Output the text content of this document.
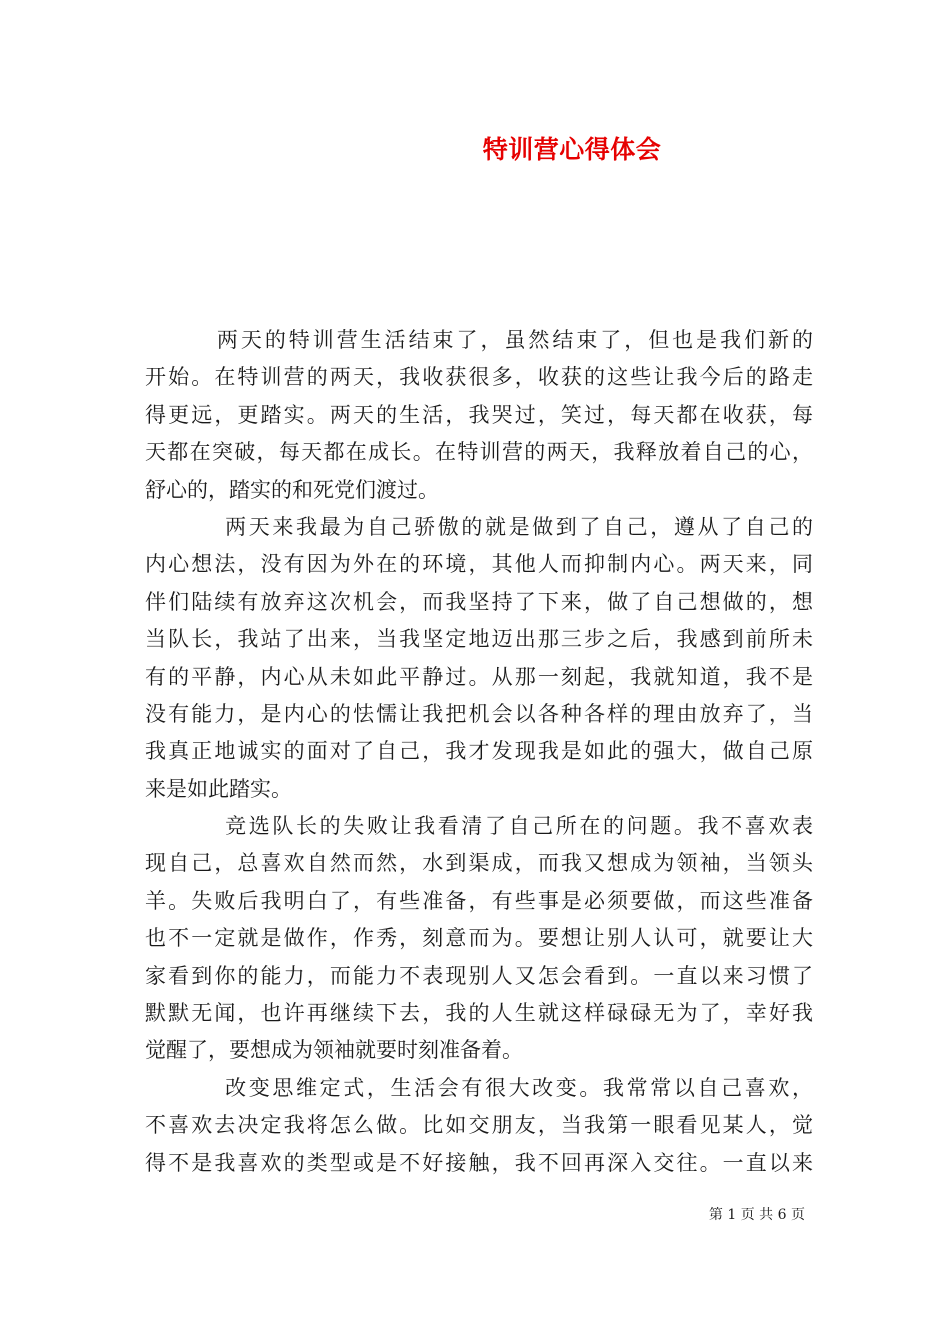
特训营心得体会
　　　两天的特训营生活结束了，虽然结束了，但也是我们新的
开始。在特训营的两天，我收获很多，收获的这些让我今后的路走
得更远，更踏实。两天的生活，我哭过，笑过，每天都在收获，每
天都在突破，每天都在成长。在特训营的两天，我释放着自己的心，
舒心的，踏实的和死党们渡过。
　　　 两天来我最为自己骄傲的就是做到了自己，遵从了自己的
内心想法，没有因为外在的环境，其他人而抑制内心。两天来，同
伴们陆续有放弃这次机会，而我坚持了下来，做了自己想做的，想
当队长，我站了出来，当我坚定地迈出那三步之后，我感到前所未
有的平静，内心从未如此平静过。从那一刻起，我就知道，我不是
没有能力，是内心的怯懦让我把机会以各种各样的理由放弃了，当
我真正地诚实的面对了自己，我才发现我是如此的强大，做自己原
来是如此踏实。
　　　 竞选队长的失败让我看清了自己所在的问题。我不喜欢表
现自己，总喜欢自然而然，水到渠成，而我又想成为领袖，当领头
羊。失败后我明白了，有些准备，有些事是必须要做，而这些准备
也不一定就是做作，作秀，刻意而为。要想让别人认可，就要让大
家看到你的能力，而能力不表现别人又怎会看到。一直以来习惯了
默默无闻，也许再继续下去，我的人生就这样碌碌无为了，幸好我
觉醒了，要想成为领袖就要时刻准备着。
　　　 改变思维定式，生活会有很大改变。我常常以自己喜欢，
不喜欢去决定我将怎么做。比如交朋友，当我第一眼看见某人，觉
得不是我喜欢的类型或是不好接触，我不回再深入交往。一直以来
第 1 页 共 6 页
